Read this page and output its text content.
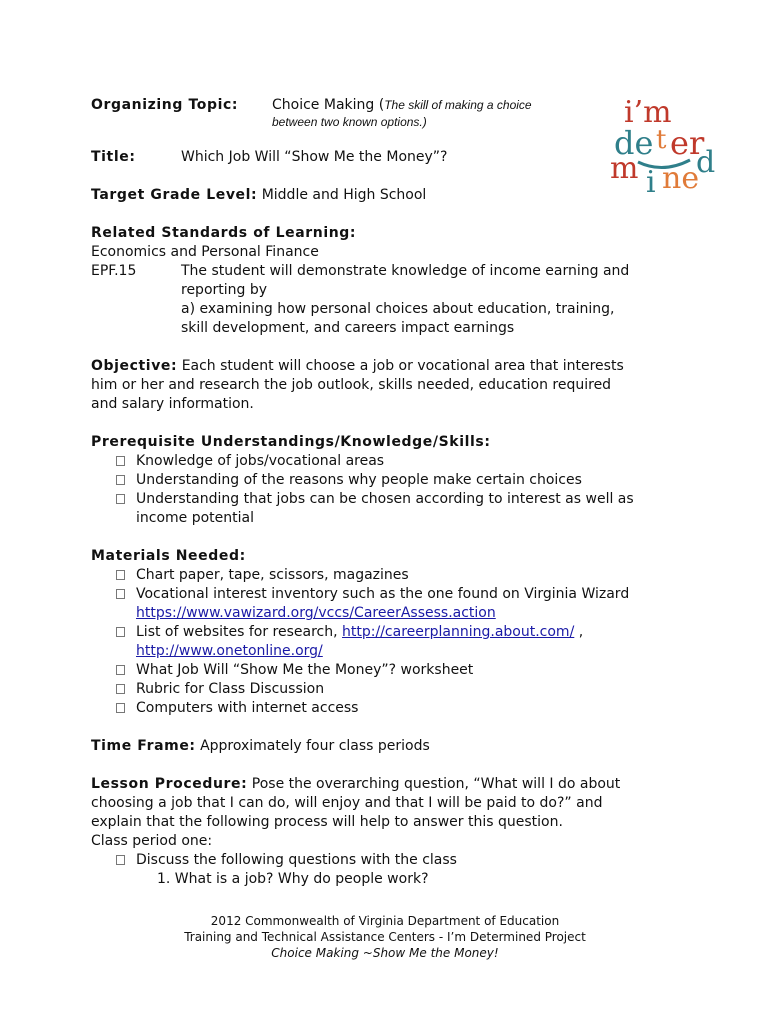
i’m
de t er
m i ne
d
Organizing Topic: Choice Making (The skill of making a choice
between two known options.)
Title:	Which Job Will “Show Me the Money”?
Target Grade Level: Middle and High School
Related Standards of Learning:
Economics and Personal Finance
EPF.15	The student will demonstrate knowledge of income earning and
reporting by
a) examining how personal choices about education, training,
skill development, and careers impact earnings
Objective: Each student will choose a job or vocational area that interests
him or her and research the job outlook, skills needed, education required
and salary information.
Prerequisite Understandings/Knowledge/Skills:
Knowledge of jobs/vocational areas
Understanding of the reasons why people make certain choices
Understanding that jobs can be chosen according to interest as well as
income potential
Materials Needed:
Chart paper, tape, scissors, magazines
Vocational interest inventory such as the one found on Virginia Wizard
https://www.vawizard.org/vccs/CareerAssess.action
List of websites for research, http://careerplanning.about.com/ ,
http://www.onetonline.org/
What Job Will “Show Me the Money”? worksheet
Rubric for Class Discussion
Computers with internet access
Time Frame: Approximately four class periods
Lesson Procedure: Pose the overarching question, “What will I do about
choosing a job that I can do, will enjoy and that I will be paid to do?” and
explain that the following process will help to answer this question.
Class period one:
Discuss the following questions with the class
1. What is a job? Why do people work?
2012 Commonwealth of Virginia Department of Education
Training and Technical Assistance Centers - I’m Determined Project
Choice Making ~Show Me the Money!
